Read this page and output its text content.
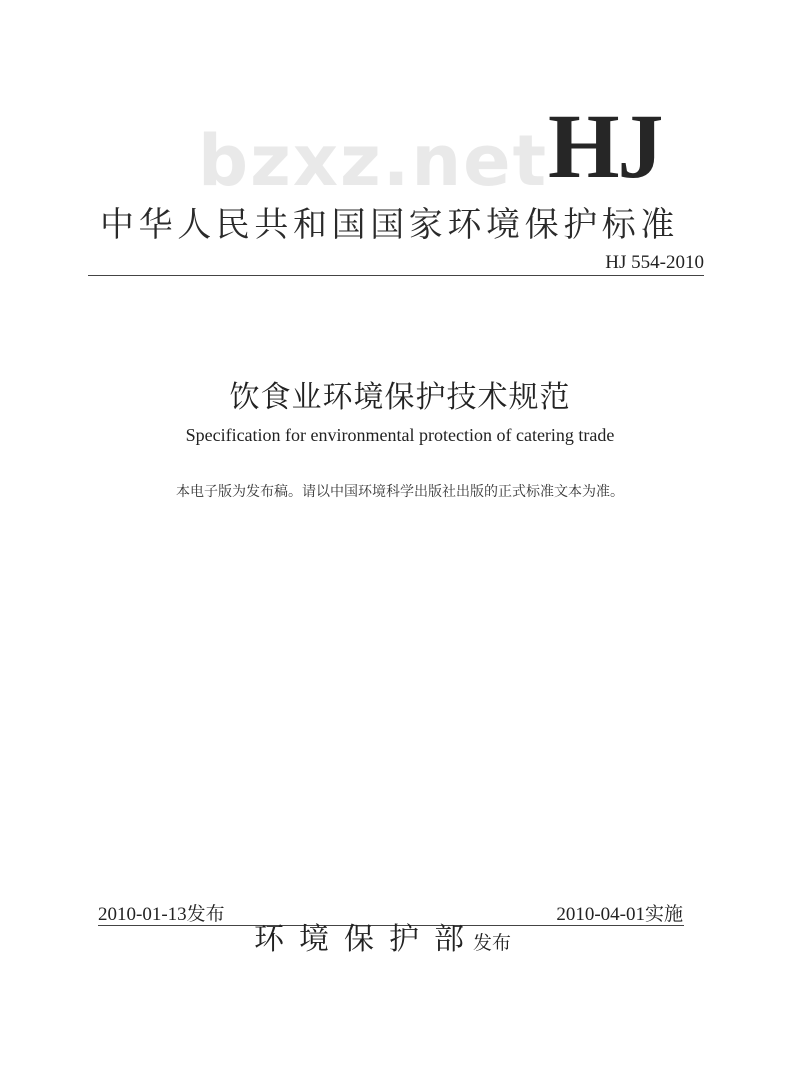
bzxz.net HJ
中华人民共和国国家环境保护标准
HJ 554-2010
饮食业环境保护技术规范
Specification for environmental protection of catering trade
本电子版为发布稿。请以中国环境科学出版社出版的正式标准文本为准。
2010-01-13发布	2010-04-01实施
环境保护部发布
